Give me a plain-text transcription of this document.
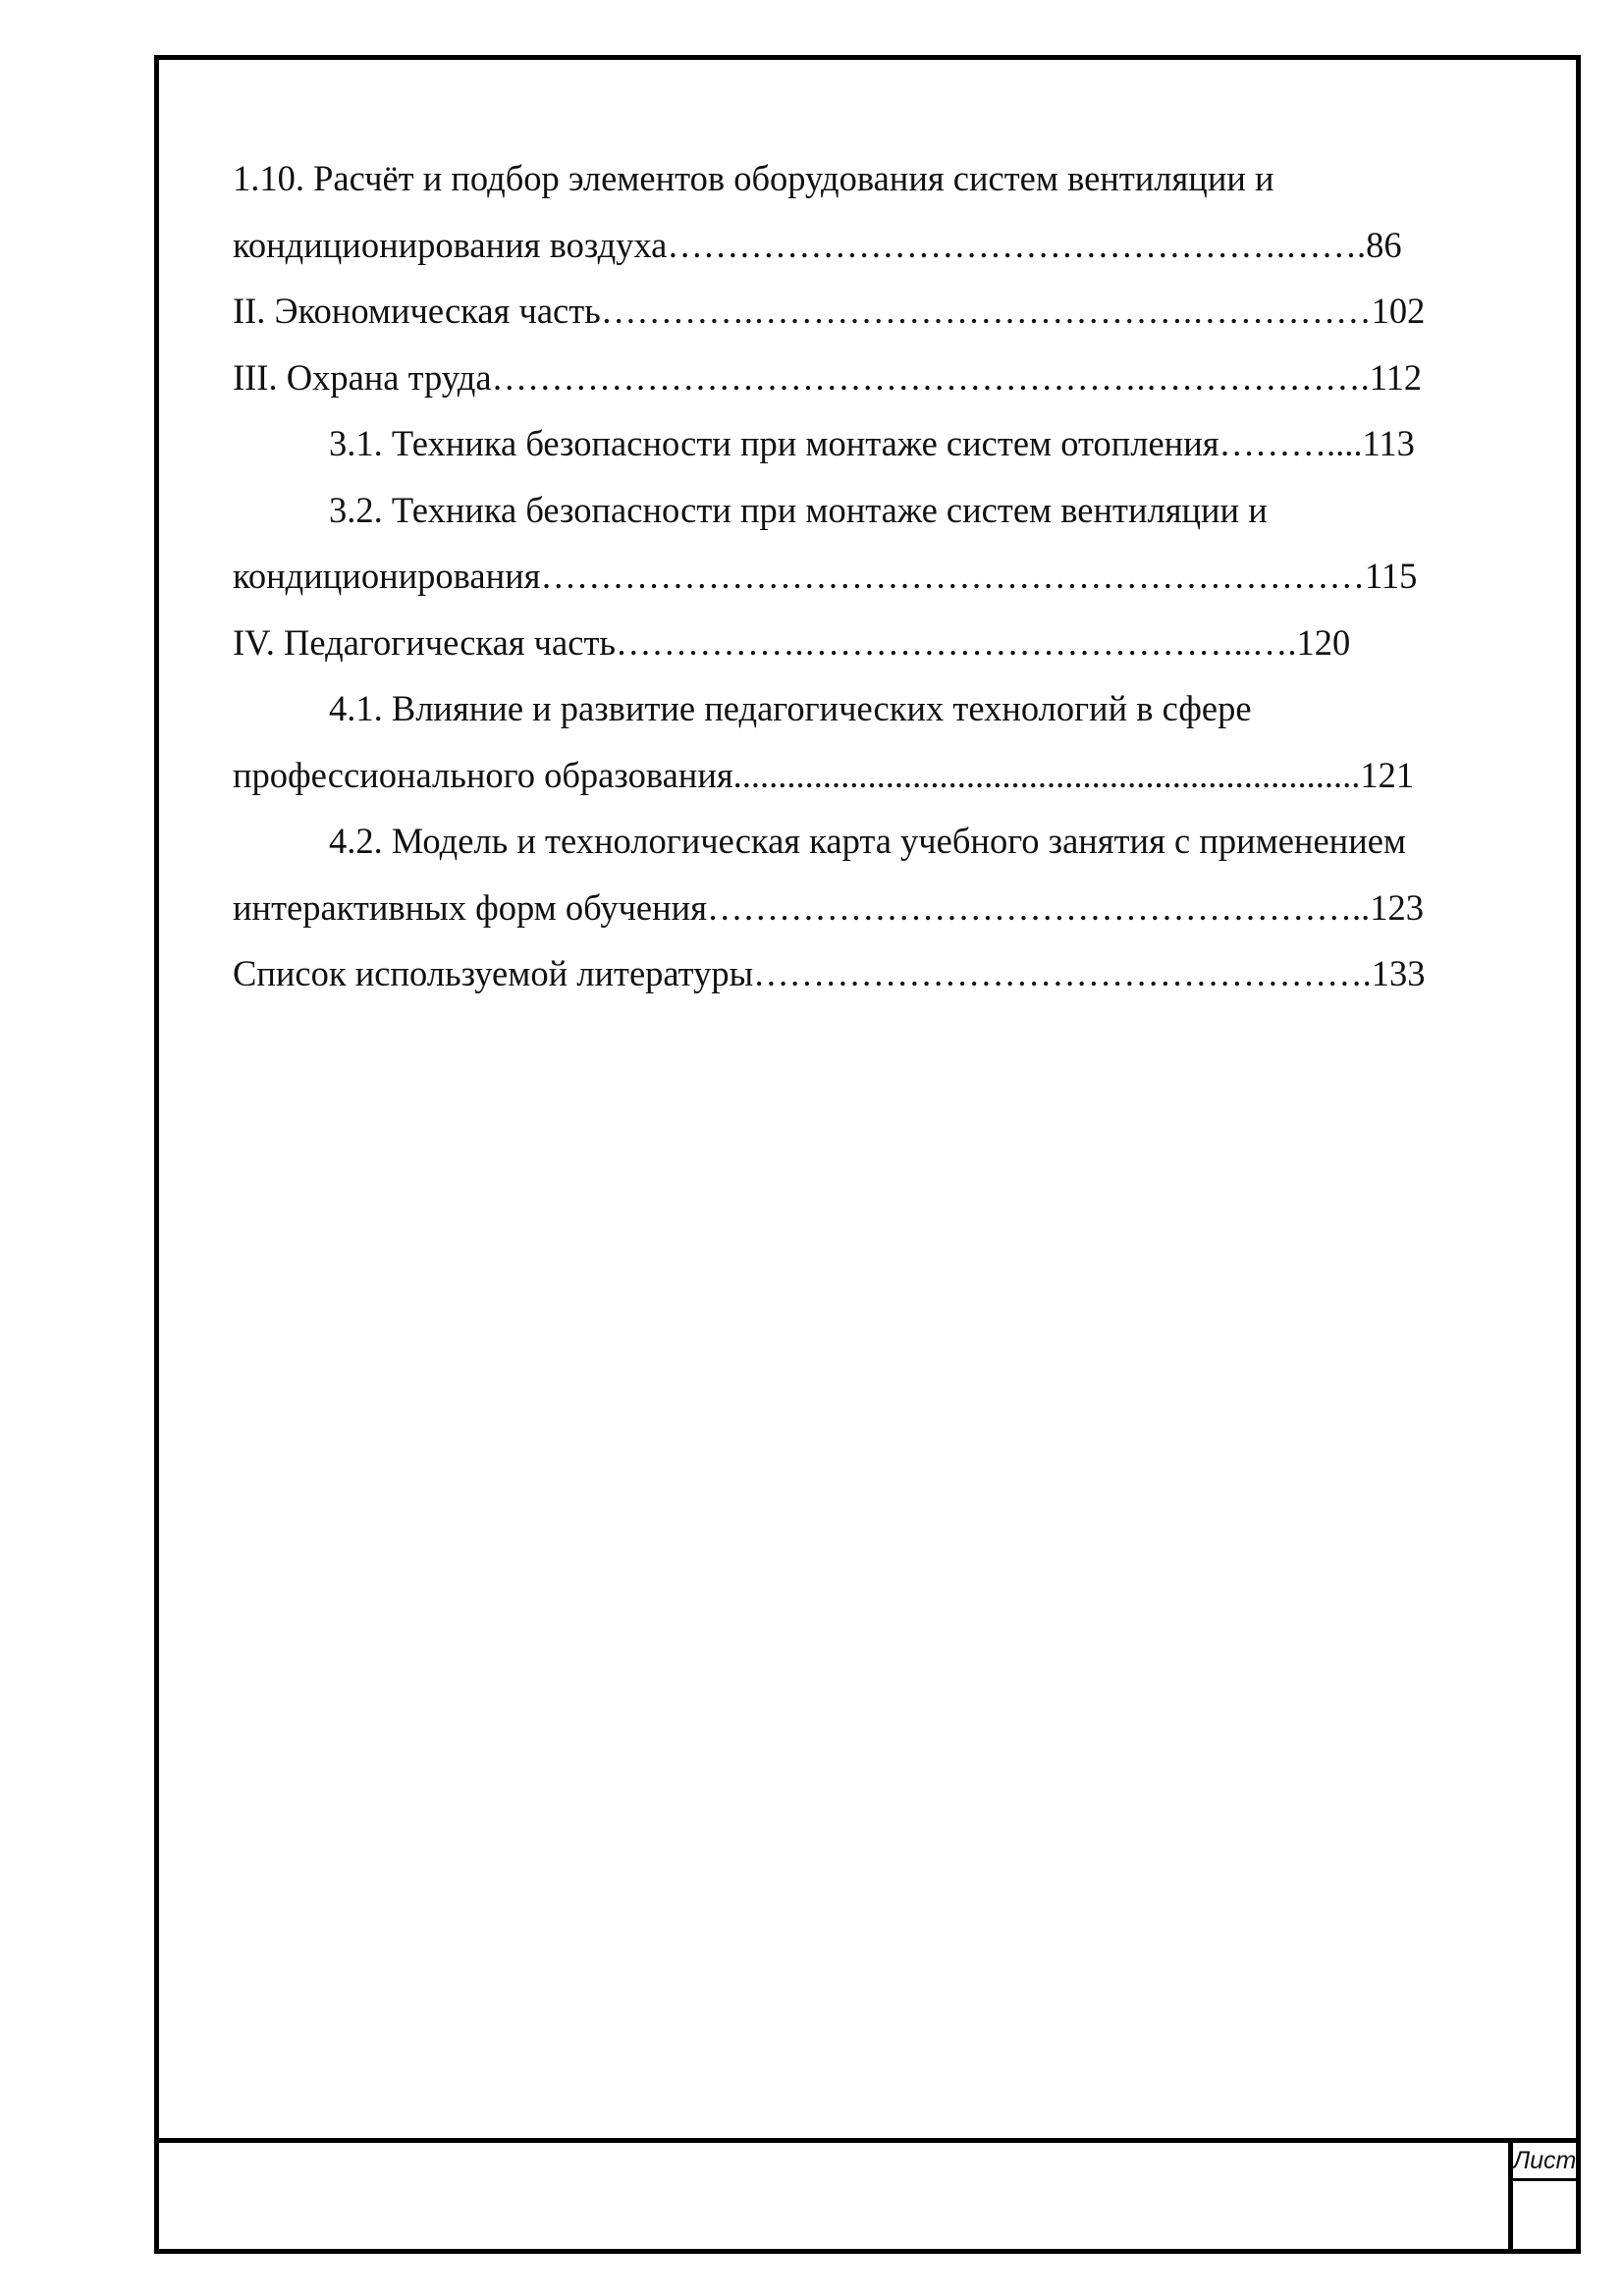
Лист
1.10. Расчёт и подбор элементов оборудования систем вентиляции и
кондиционирования воздуха…………………………………………….…….86
II. Экономическая часть………….……………………………….……………102
III. Охрана труда……………………………………………….……………….112
3.1. Техника безопасности при монтаже систем отопления………....113
3.2. Техника безопасности при монтаже систем вентиляции и
кондиционирования……………………………………………………………115
IV. Педагогическая часть…………….………………………………..….120
4.1. Влияние и развитие педагогических технологий в сфере
профессионального образования......................................................................121
4.2. Модель и технологическая карта учебного занятия с применением
интерактивных форм обучения………………………………………………..123
Список используемой литературы…………………………………………….133
